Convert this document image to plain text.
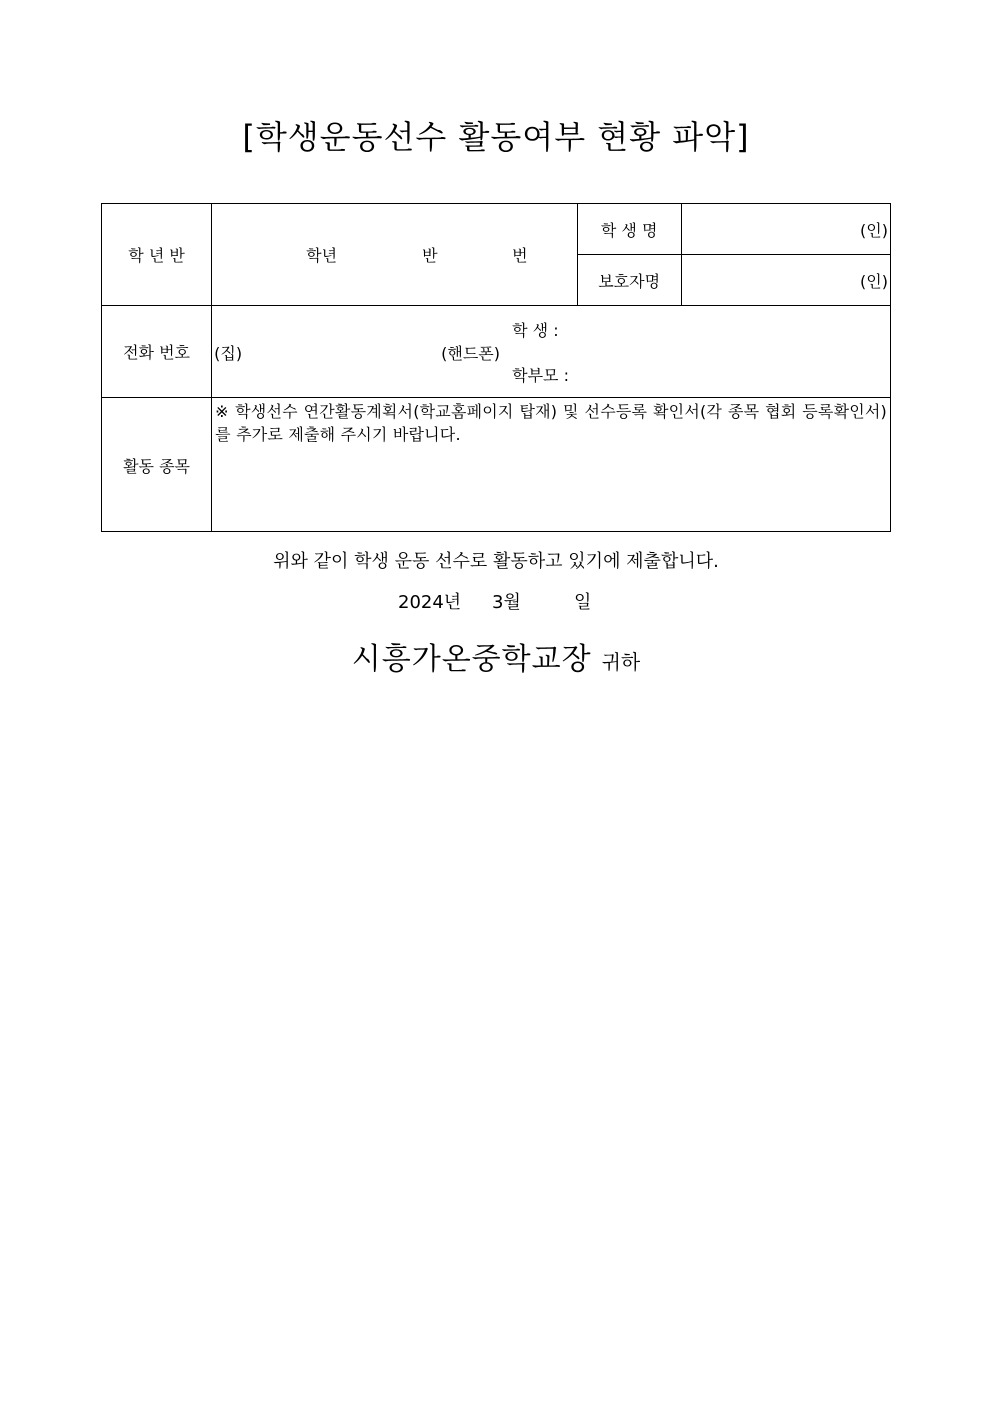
[학생운동선수 활동여부 현황 파악]
학 년 반	학년 반 번	학 생 명	(인)
		보호자명	(인)
전화 번호	학 생 :
(집) (핸드폰)
학부모 :		

활동 종목	※ 학생선수 연간활동계획서(학교홈페이지 탑재) 및 선수등록 확인서(각 종목 협회 등록확인서)를 추가로 제출해 주시기 바랍니다.		
위와 같이 학생 운동 선수로 활동하고 있기에 제출합니다.
2024년 3월	일
시흥가온중학교장 귀하
